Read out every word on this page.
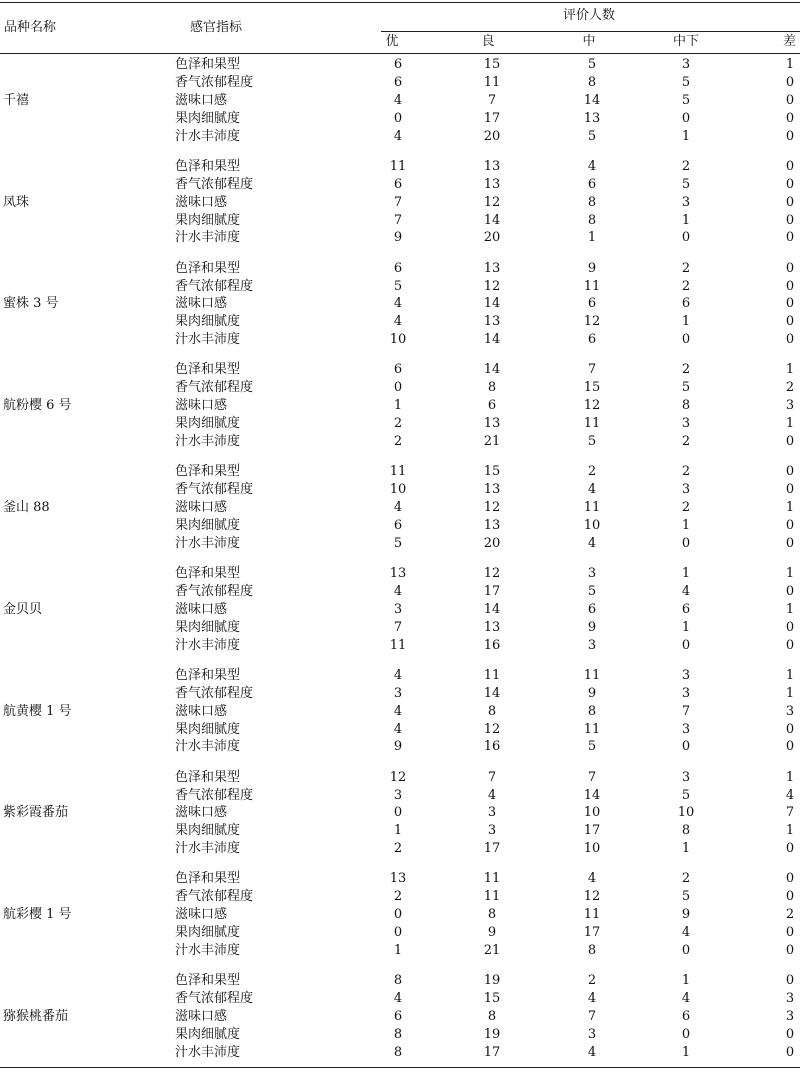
品种名称	感官指标
评价人数
优	良	中	中下	差
千禧
色泽和果型	6	15	5	3	1
香气浓郁程度	6	11	8	5	0
滋味口感	4	7	14	5	0
果肉细腻度	0	17	13	0	0
汁水丰沛度	4	20	5	1	0
凤珠
色泽和果型	11	13	4	2	0
香气浓郁程度	6	13	6	5	0
滋味口感	7	12	8	3	0
果肉细腻度	7	14	8	1	0
汁水丰沛度	9	20	1	0	0
蜜株 3 号
色泽和果型	6	13	9	2	0
香气浓郁程度	5	12	11	2	0
滋味口感	4	14	6	6	0
果肉细腻度	4	13	12	1	0
汁水丰沛度	10	14	6	0	0
航粉樱 6 号
色泽和果型	6	14	7	2	1
香气浓郁程度	0	8	15	5	2
滋味口感	1	6	12	8	3
果肉细腻度	2	13	11	3	1
汁水丰沛度	2	21	5	2	0
釜山 88
色泽和果型	11	15	2	2	0
香气浓郁程度	10	13	4	3	0
滋味口感	4	12	11	2	1
果肉细腻度	6	13	10	1	0
汁水丰沛度	5	20	4	0	0
金贝贝
色泽和果型	13	12	3	1	1
香气浓郁程度	4	17	5	4	0
滋味口感	3	14	6	6	1
果肉细腻度	7	13	9	1	0
汁水丰沛度	11	16	3	0	0
航黄樱 1 号
色泽和果型	4	11	11	3	1
香气浓郁程度	3	14	9	3	1
滋味口感	4	8	8	7	3
果肉细腻度	4	12	11	3	0
汁水丰沛度	9	16	5	0	0
紫彩霞番茄
色泽和果型	12	7	7	3	1
香气浓郁程度	3	4	14	5	4
滋味口感	0	3	10	10	7
果肉细腻度	1	3	17	8	1
汁水丰沛度	2	17	10	1	0
航彩樱 1 号
色泽和果型	13	11	4	2	0
香气浓郁程度	2	11	12	5	0
滋味口感	0	8	11	9	2
果肉细腻度	0	9	17	4	0
汁水丰沛度	1	21	8	0	0
猕猴桃番茄
色泽和果型	8	19	2	1	0
香气浓郁程度	4	15	4	4	3
滋味口感	6	8	7	6	3
果肉细腻度	8	19	3	0	0
汁水丰沛度	8	17	4	1	0
